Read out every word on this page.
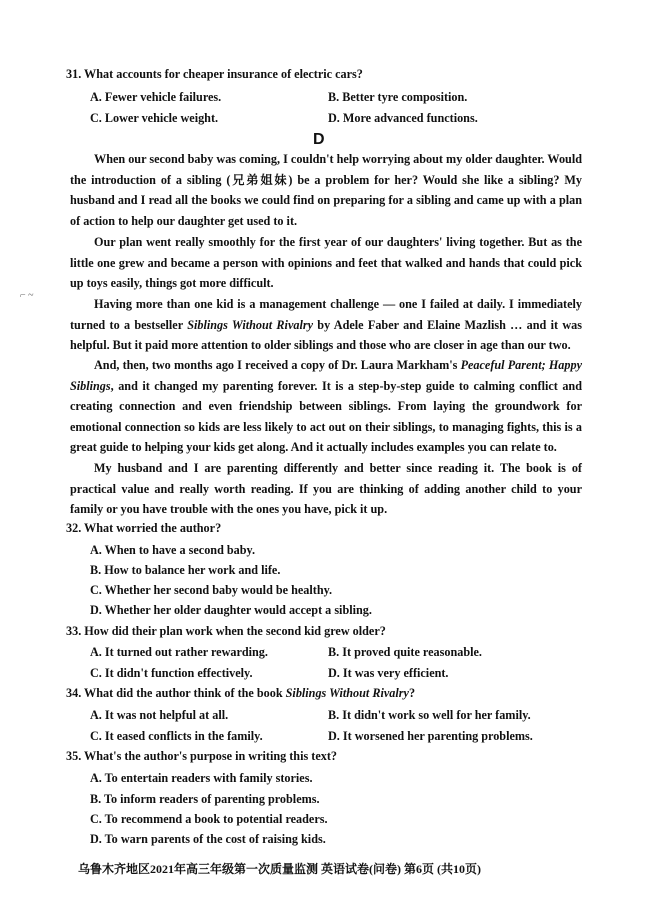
31. What accounts for cheaper insurance of electric cars?
A. Fewer vehicle failures.	B. Better tyre composition.
C. Lower vehicle weight.	D. More advanced functions.
D
When our second baby was coming, I couldn't help worrying about my older daughter. Would the introduction of a sibling (兄弟姐妹) be a problem for her? Would she like a sibling? My husband and I read all the books we could find on preparing for a sibling and came up with a plan of action to help our daughter get used to it.
Our plan went really smoothly for the first year of our daughters' living together. But as the little one grew and became a person with opinions and feet that walked and hands that could pick up toys easily, things got more difficult.
Having more than one kid is a management challenge — one I failed at daily. I immediately turned to a bestseller Siblings Without Rivalry by Adele Faber and Elaine Mazlish … and it was helpful. But it paid more attention to older siblings and those who are closer in age than our two.
And, then, two months ago I received a copy of Dr. Laura Markham's Peaceful Parent; Happy Siblings, and it changed my parenting forever. It is a step-by-step guide to calming conflict and creating connection and even friendship between siblings. From laying the groundwork for emotional connection so kids are less likely to act out on their siblings, to managing fights, this is a great guide to helping your kids get along. And it actually includes examples you can relate to.
My husband and I are parenting differently and better since reading it. The book is of practical value and really worth reading. If you are thinking of adding another child to your family or you have trouble with the ones you have, pick it up.
32. What worried the author?
A. When to have a second baby.
B. How to balance her work and life.
C. Whether her second baby would be healthy.
D. Whether her older daughter would accept a sibling.
33. How did their plan work when the second kid grew older?
A. It turned out rather rewarding.	B. It proved quite reasonable.
C. It didn't function effectively.	D. It was very efficient.
34. What did the author think of the book Siblings Without Rivalry?
A. It was not helpful at all.	B. It didn't work so well for her family.
C. It eased conflicts in the family.	D. It worsened her parenting problems.
35. What's the author's purpose in writing this text?
A. To entertain readers with family stories.
B. To inform readers of parenting problems.
C. To recommend a book to potential readers.
D. To warn parents of the cost of raising kids.
⌐ ~
乌鲁木齐地区2021年高三年级第一次质量监测 英语试卷(问卷) 第6页 (共10页)
